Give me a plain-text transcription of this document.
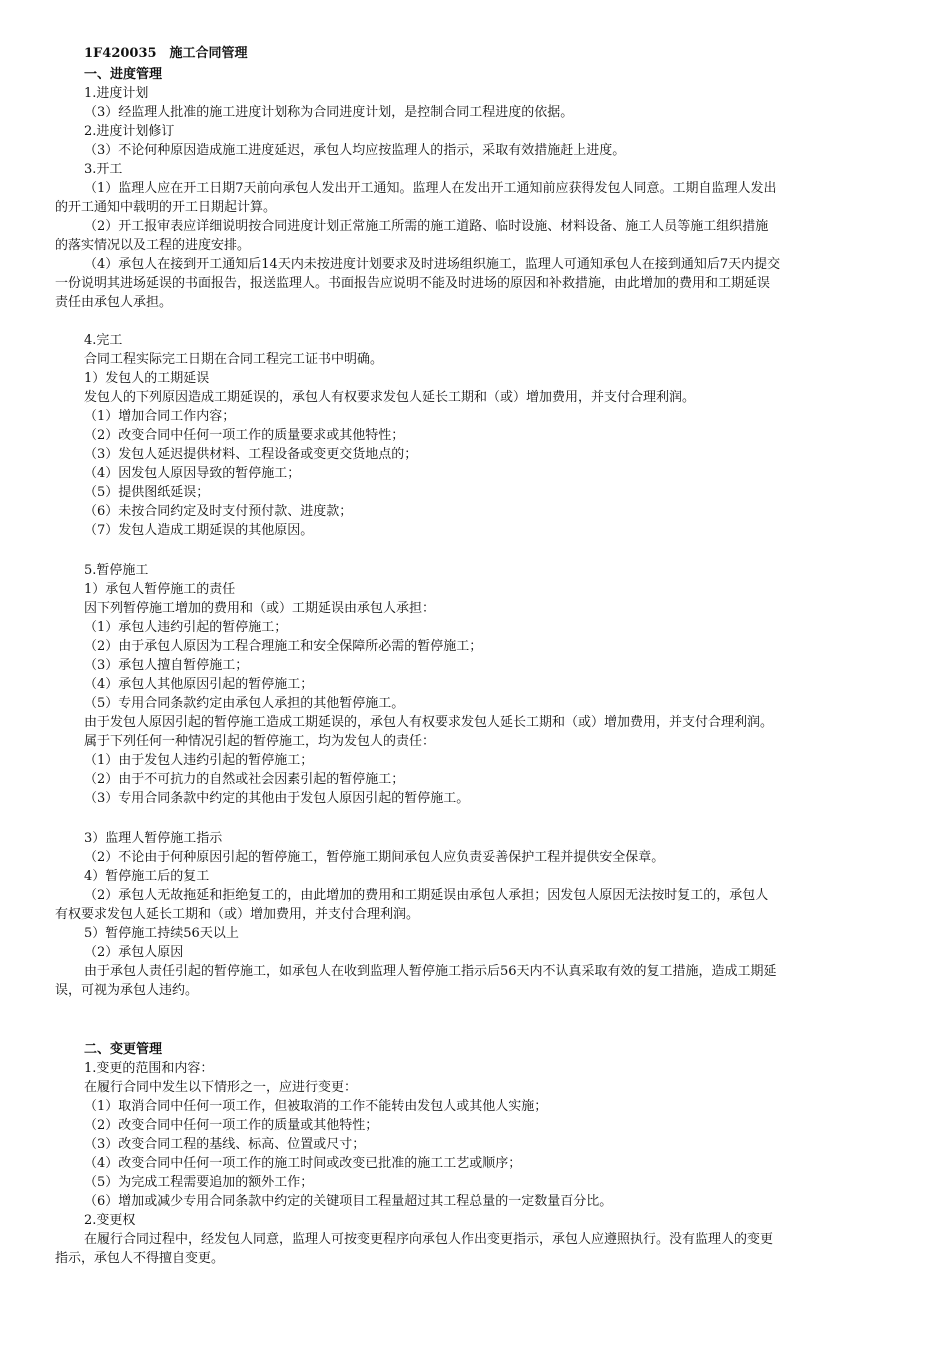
1F420035　施工合同管理
一、进度管理
1.进度计划
（3）经监理人批准的施工进度计划称为合同进度计划，是控制合同工程进度的依据。
2.进度计划修订
（3）不论何种原因造成施工进度延迟，承包人均应按监理人的指示，采取有效措施赶上进度。
3.开工
（1）监理人应在开工日期7天前向承包人发出开工通知。监理人在发出开工通知前应获得发包人同意。工期自监理人发出
的开工通知中载明的开工日期起计算。
（2）开工报审表应详细说明按合同进度计划正常施工所需的施工道路、临时设施、材料设备、施工人员等施工组织措施
的落实情况以及工程的进度安排。
（4）承包人在接到开工通知后14天内未按进度计划要求及时进场组织施工，监理人可通知承包人在接到通知后7天内提交
一份说明其进场延误的书面报告，报送监理人。书面报告应说明不能及时进场的原因和补救措施，由此增加的费用和工期延误
责任由承包人承担。
4.完工
合同工程实际完工日期在合同工程完工证书中明确。
1）发包人的工期延误
发包人的下列原因造成工期延误的，承包人有权要求发包人延长工期和（或）增加费用，并支付合理利润。
（1）增加合同工作内容；
（2）改变合同中任何一项工作的质量要求或其他特性；
（3）发包人延迟提供材料、工程设备或变更交货地点的；
（4）因发包人原因导致的暂停施工；
（5）提供图纸延误；
（6）未按合同约定及时支付预付款、进度款；
（7）发包人造成工期延误的其他原因。
5.暂停施工
1）承包人暂停施工的责任
因下列暂停施工增加的费用和（或）工期延误由承包人承担：
（1）承包人违约引起的暂停施工；
（2）由于承包人原因为工程合理施工和安全保障所必需的暂停施工；
（3）承包人擅自暂停施工；
（4）承包人其他原因引起的暂停施工；
（5）专用合同条款约定由承包人承担的其他暂停施工。
由于发包人原因引起的暂停施工造成工期延误的，承包人有权要求发包人延长工期和（或）增加费用，并支付合理利润。
属于下列任何一种情况引起的暂停施工，均为发包人的责任：
（1）由于发包人违约引起的暂停施工；
（2）由于不可抗力的自然或社会因素引起的暂停施工；
（3）专用合同条款中约定的其他由于发包人原因引起的暂停施工。
3）监理人暂停施工指示
（2）不论由于何种原因引起的暂停施工，暂停施工期间承包人应负责妥善保护工程并提供安全保章。
4）暂停施工后的复工
（2）承包人无故拖延和拒绝复工的，由此增加的费用和工期延误由承包人承担；因发包人原因无法按时复工的，承包人
有权要求发包人延长工期和（或）增加费用，并支付合理利润。
5）暂停施工持续56天以上
（2）承包人原因
由于承包人责任引起的暂停施工，如承包人在收到监理人暂停施工指示后56天内不认真采取有效的复工措施，造成工期延
误，可视为承包人违约。
二、变更管理
1.变更的范围和内容：
在履行合同中发生以下情形之一，应进行变更：
（1）取消合同中任何一项工作，但被取消的工作不能转由发包人或其他人实施；
（2）改变合同中任何一项工作的质量或其他特性；
（3）改变合同工程的基线、标高、位置或尺寸；
（4）改变合同中任何一项工作的施工时间或改变已批准的施工工艺或顺序；
（5）为完成工程需要追加的额外工作；
（6）增加或减少专用合同条款中约定的关键项目工程量超过其工程总量的一定数量百分比。
2.变更权
在履行合同过程中，经发包人同意，监理人可按变更程序向承包人作出变更指示，承包人应遵照执行。没有监理人的变更
指示，承包人不得擅自变更。
